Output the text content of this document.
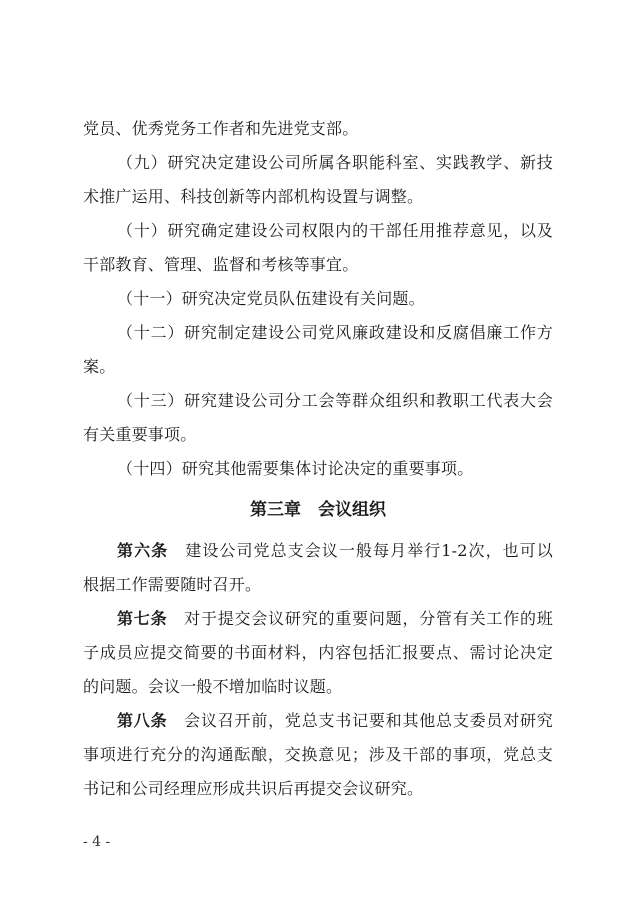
党员、优秀党务工作者和先进党支部。
（九）研究决定建设公司所属各职能科室、实践教学、新技
术推广运用、科技创新等内部机构设置与调整。
（十）研究确定建设公司权限内的干部任用推荐意见，以及
干部教育、管理、监督和考核等事宜。
（十一）研究决定党员队伍建设有关问题。
（十二）研究制定建设公司党风廉政建设和反腐倡廉工作方
案。
（十三）研究建设公司分工会等群众组织和教职工代表大会
有关重要事项。
（十四）研究其他需要集体讨论决定的重要事项。
第三章　会议组织
第六条　建设公司党总支会议一般每月举行1-2次，也可以
根据工作需要随时召开。
第七条　对于提交会议研究的重要问题，分管有关工作的班
子成员应提交简要的书面材料，内容包括汇报要点、需讨论决定
的问题。会议一般不增加临时议题。
第八条　会议召开前，党总支书记要和其他总支委员对研究
事项进行充分的沟通酝酿，交换意见；涉及干部的事项，党总支
书记和公司经理应形成共识后再提交会议研究。
- 4 -
